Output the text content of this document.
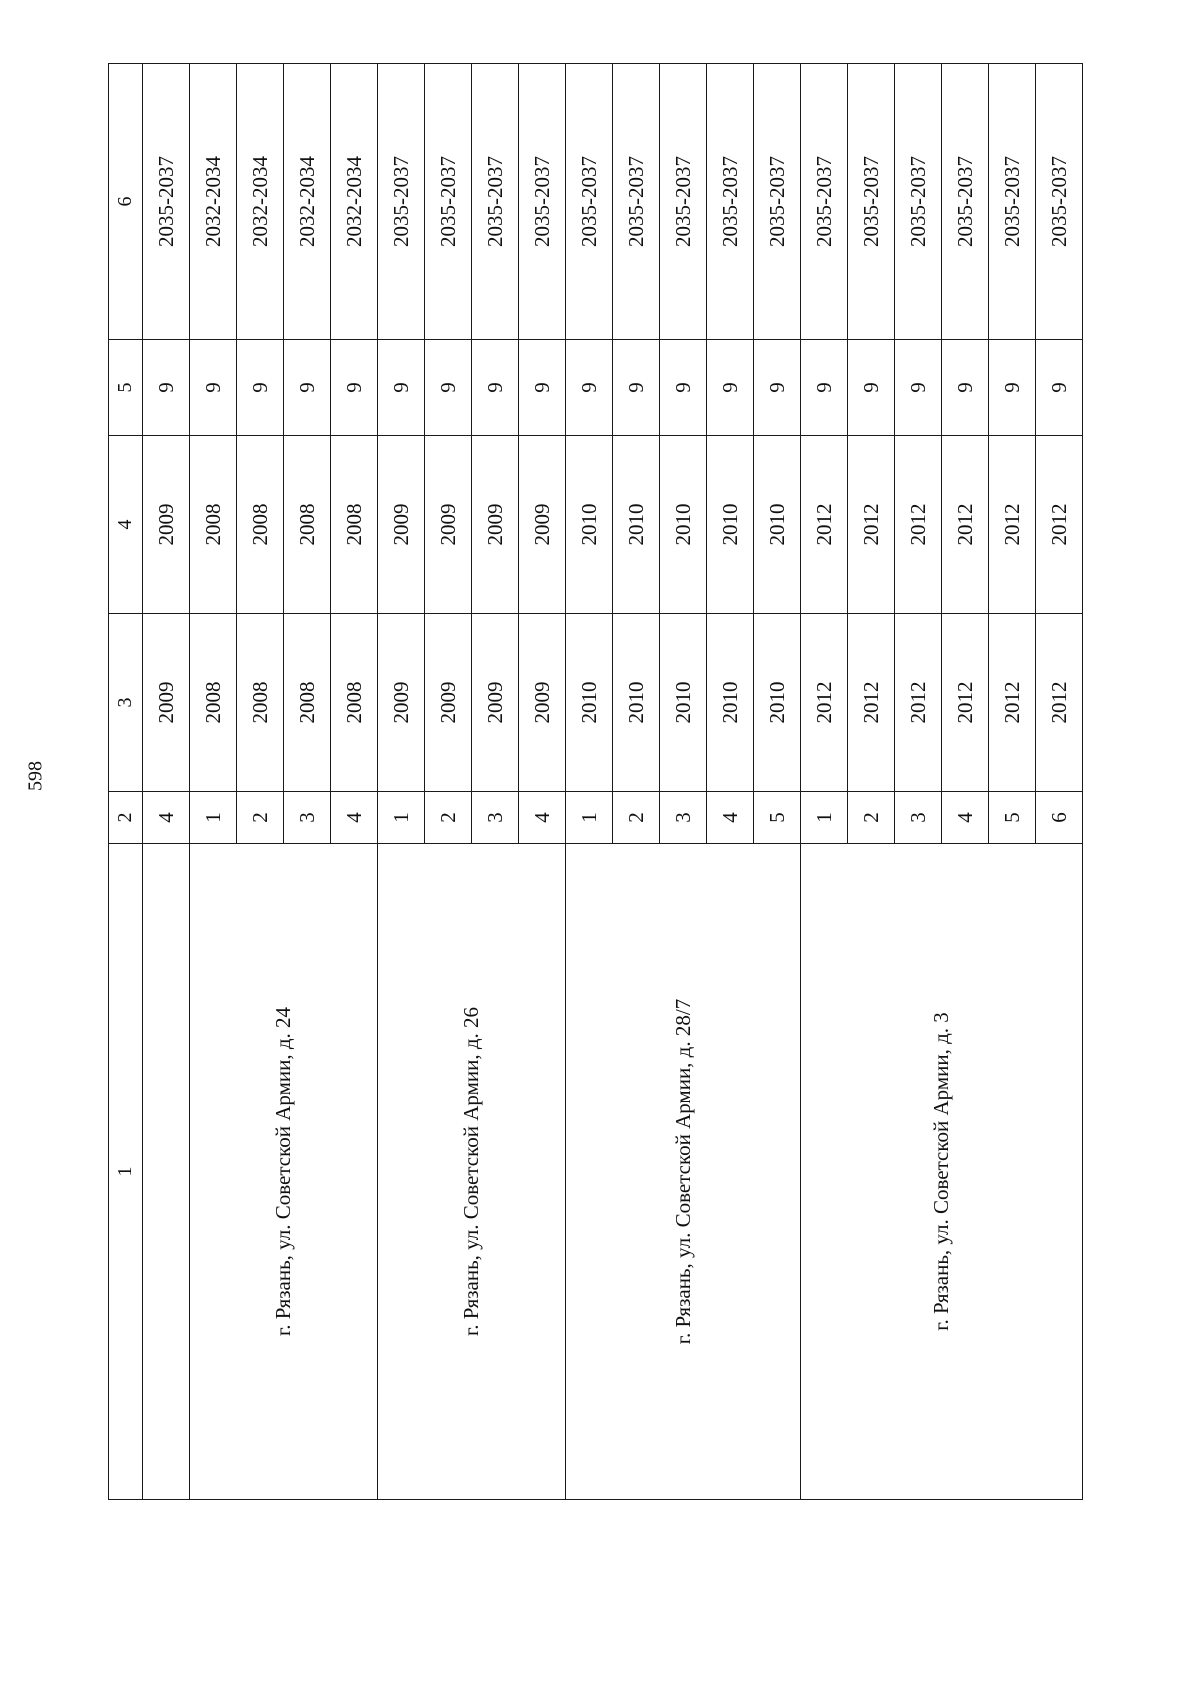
598
1	2	3	4	5	6
	4	2009	2009	9	2035-2037
г. Рязань, ул. Советской Армии, д. 24	1	2008	2008	9	2032-2034
	2	2008	2008	9	2032-2034
	3	2008	2008	9	2032-2034
	4	2008	2008	9	2032-2034
г. Рязань, ул. Советской Армии, д. 26	1	2009	2009	9	2035-2037
	2	2009	2009	9	2035-2037
	3	2009	2009	9	2035-2037
	4	2009	2009	9	2035-2037
г. Рязань, ул. Советской Армии, д. 28/7	1	2010	2010	9	2035-2037
	2	2010	2010	9	2035-2037
	3	2010	2010	9	2035-2037
	4	2010	2010	9	2035-2037
	5	2010	2010	9	2035-2037
г. Рязань, ул. Советской Армии, д. 3	1	2012	2012	9	2035-2037
	2	2012	2012	9	2035-2037
	3	2012	2012	9	2035-2037
	4	2012	2012	9	2035-2037
	5	2012	2012	9	2035-2037
	6	2012	2012	9	2035-2037
